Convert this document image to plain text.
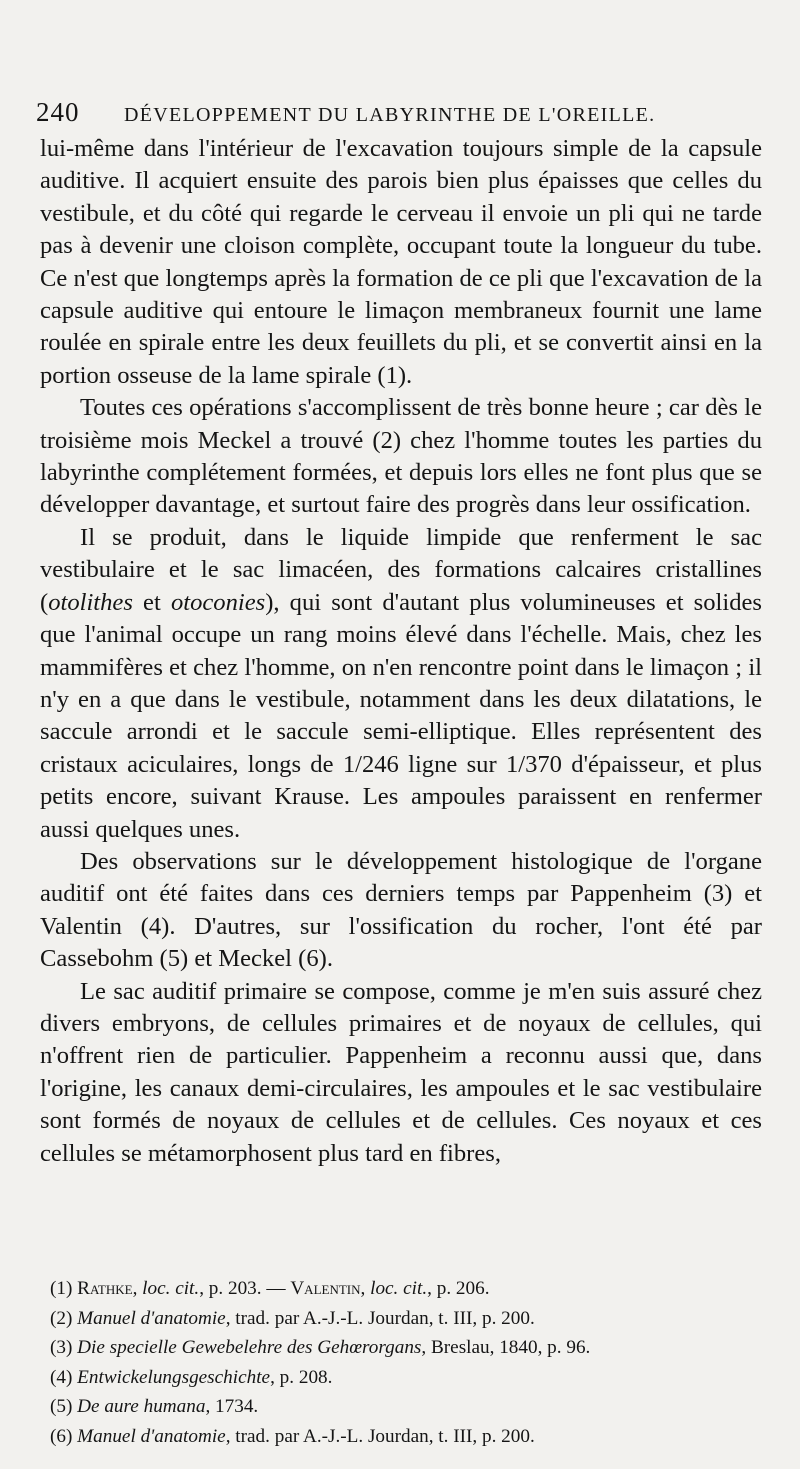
240	DÉVELOPPEMENT DU LABYRINTHE DE L'OREILLE.

lui-même dans l'intérieur de l'excavation toujours simple de la capsule auditive. Il acquiert ensuite des parois bien plus épaisses que celles du vestibule, et du côté qui regarde le cerveau il envoie un pli qui ne tarde pas à devenir une cloison complète, occupant toute la longueur du tube. Ce n'est que longtemps après la formation de ce pli que l'excavation de la capsule auditive qui entoure le limaçon membraneux fournit une lame roulée en spirale entre les deux feuillets du pli, et se convertit ainsi en la portion osseuse de la lame spirale (1).

Toutes ces opérations s'accomplissent de très bonne heure ; car dès le troisième mois Meckel a trouvé (2) chez l'homme toutes les parties du labyrinthe complétement formées, et depuis lors elles ne font plus que se développer davantage, et surtout faire des progrès dans leur ossification.

Il se produit, dans le liquide limpide que renferment le sac vestibulaire et le sac limacéen, des formations calcaires cristallines (otolithes et otoconies), qui sont d'autant plus volumineuses et solides que l'animal occupe un rang moins élevé dans l'échelle. Mais, chez les mammifères et chez l'homme, on n'en rencontre point dans le limaçon ; il n'y en a que dans le vestibule, notamment dans les deux dilatations, le saccule arrondi et le saccule semi-elliptique. Elles représentent des cristaux aciculaires, longs de 1/246 ligne sur 1/370 d'épaisseur, et plus petits encore, suivant Krause. Les ampoules paraissent en renfermer aussi quelques unes.

Des observations sur le développement histologique de l'organe auditif ont été faites dans ces derniers temps par Pappenheim (3) et Valentin (4). D'autres, sur l'ossification du rocher, l'ont été par Cassebohm (5) et Meckel (6).

Le sac auditif primaire se compose, comme je m'en suis assuré chez divers embryons, de cellules primaires et de noyaux de cellules, qui n'offrent rien de particulier. Pappenheim a reconnu aussi que, dans l'origine, les canaux demi-circulaires, les ampoules et le sac vestibulaire sont formés de noyaux de cellules et de cellules. Ces noyaux et ces cellules se métamorphosent plus tard en fibres,

(1) Rathke, loc. cit., p. 203. — Valentin, loc. cit., p. 206.
(2) Manuel d'anatomie, trad. par A.-J.-L. Jourdan, t. III, p. 200.
(3) Die specielle Gewebelehre des Gehœrorgans, Breslau, 1840, p. 96.
(4) Entwickelungsgeschichte, p. 208.
(5) De aure humana, 1734.
(6) Manuel d'anatomie, trad. par A.-J.-L. Jourdan, t. III, p. 200.
